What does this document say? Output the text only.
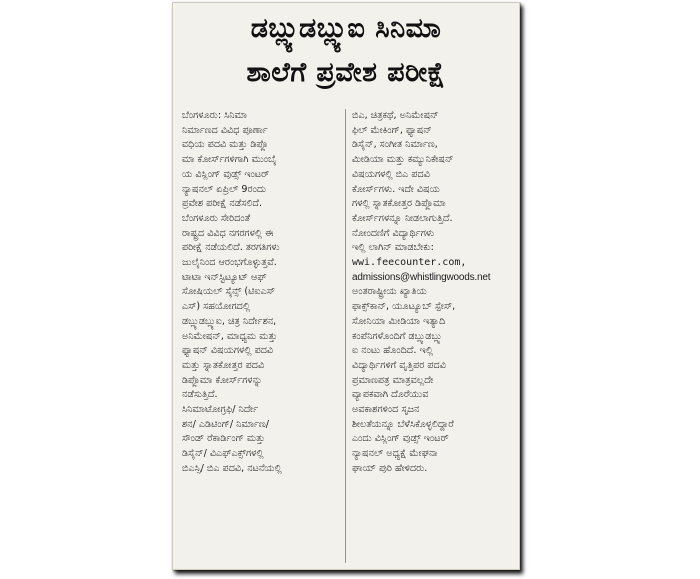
ಡಬ್ಲ್ಯುಡಬ್ಲ್ಯುಐ ಸಿನಿಮಾ
ಶಾಲೆಗೆ ಪ್ರವೇಶ ಪರೀಕ್ಷೆ
ಬೆಂಗಳೂರು: ಸಿನಿಮಾ
ನಿರ್ಮಾಣದ ವಿವಿಧ ಪೂರ್ಣಾ
ವಧಿಯ ಪದವಿ ಮತ್ತು ಡಿಪ್ಲೊ
ಮಾ ಕೋರ್ಸ್‌ಗಳಿಗಾಗಿ ಮುಂಬೈ
ಯ ವಿಸ್ಲಿಂಗ್ ವುಡ್ಸ್ ಇಂಟರ್
ನ್ಯಾಷನಲ್ ಏಪ್ರಿಲ್ 9ರಂದು
ಪ್ರವೇಶ ಪರೀಕ್ಷೆ ನಡೆಸಲಿದೆ.
ಬೆಂಗಳೂರು ಸೇರಿದಂತೆ
ರಾಷ್ಟ್ರದ ವಿವಿಧ ನಗರಗಳಲ್ಲಿ ಈ
ಪರೀಕ್ಷೆ ನಡೆಯಲಿದೆ. ತರಗತಿಗಳು
ಜುಲೈನಿಂದ ಆರಂಭಗೊಳ್ಳುತ್ತವೆ.
ಟಾಟಾ ಇನ್‌ಸ್ಟಿಟ್ಯೂಟ್ ಆಫ್
ಸೋಷಿಯಲ್ ಸೈನ್ಸ್ (ಟಿಐಎಸ್
ಎಸ್) ಸಹಯೋಗದಲ್ಲಿ
ಡಬ್ಲ್ಯುಡಬ್ಲ್ಯುಐ, ಚಿತ್ರ ನಿರ್ದೇಶನ,
ಅನಿಮೇಷನ್, ಮಾಧ್ಯಮ ಮತ್ತು
ಫ್ಯಾಷನ್ ವಿಷಯಗಳಲ್ಲಿ ಪದವಿ
ಮತ್ತು ಸ್ನಾತಕೋತ್ತರ ಪದವಿ
ಡಿಪ್ಲೊಮಾ ಕೋರ್ಸ್‌ಗಳನ್ನು
ನಡೆಸುತ್ತಿದೆ.
ಸಿನಿಮಾಟೋಗ್ರಫಿ/ ನಿರ್ದೇ
ಶನ/ ಎಡಿಟಿಂಗ್/ ನಿರ್ಮಾಣ/
ಸೌಂಡ್ ರೆಕಾರ್ಡಿಂಗ್ ಮತ್ತು
ಡಿಸೈನ್/ ವಿಎಫ್‌ಎಕ್ಸ್‌ಗಳಲ್ಲಿ
ಬಿಎಸ್ಸಿ/ ಬಿಎ ಪದವಿ, ನಟನೆಯಲ್ಲಿ
ಬಿಎ, ಚಿತ್ರಕಥೆ, ಅನಿಮೇಷನ್
ಫಿಲ್ ಮೇಕಿಂಗ್, ಫ್ಯಾಷನ್
ಡಿಸೈನ್, ಸಂಗೀತ ನಿರ್ಮಾಣ,
ಮೀಡಿಯಾ ಮತ್ತು ಕಮ್ಯುನಿಕೇಷನ್
ವಿಷಯಗಳಲ್ಲಿ ಬಿಎ ಪದವಿ
ಕೋರ್ಸ್‌ಗಳು. ಇದೇ ವಿಷಯ
ಗಳಲ್ಲಿ ಸ್ನಾತಕೋತ್ತರ ಡಿಪ್ಲೊಮಾ
ಕೋರ್ಸ್‌ಗಳನ್ನೂ ನೀಡಲಾಗುತ್ತಿದೆ.
ನೋಂದಣಿಗೆ ವಿದ್ಯಾರ್ಥಿಗಳು
ಇಲ್ಲಿ ಲಾಗಿನ್ ಮಾಡಬೇಕು:
wwi.feecounter.com,
admissions@whistlingwoods.net
ಅಂತರಾಷ್ಟ್ರೀಯ ಖ್ಯಾತಿಯ
ಫಾಕ್ಸ್‌ಕಾನ್, ಯೂಟ್ಯೂಬ್ ಸ್ಪೇಸ್,
ಸೋನಿಯಾ ಮೀಡಿಯಾ ಇತ್ಯಾದಿ
ಕಂಪೆನಿಗಳೊಂದಿಗೆ ಡಬ್ಲ್ಯುಡಬ್ಲ್ಯು
ಐ ನಂಟು ಹೊಂದಿದೆ. ಇಲ್ಲಿ
ವಿದ್ಯಾರ್ಥಿಗಳಿಗೆ ವೃತ್ತಿಪರ ಪದವಿ
ಪ್ರಮಾಣಪತ್ರ ಮಾತ್ರವಲ್ಲದೇ
ವ್ಯಾಪಕವಾಗಿ ದೊರೆಯುವ
ಅವಕಾಶಗಳಿಂದ ಸೃಜನ
ಶೀಲತೆಯನ್ನೂ ಬೆಳೆಸಿಕೊಳ್ಳಲಿದ್ದಾರೆ
ಎಂದು ವಿಸ್ಲಿಂಗ್ ವುಡ್ಸ್ ಇಂಟರ್
ನ್ಯಾಷನಲ್ ಅಧ್ಯಕ್ಷೆ ಮೇಘನಾ
ಘಾಯ್ ಪುರಿ ಹೇಳಿದರು.
